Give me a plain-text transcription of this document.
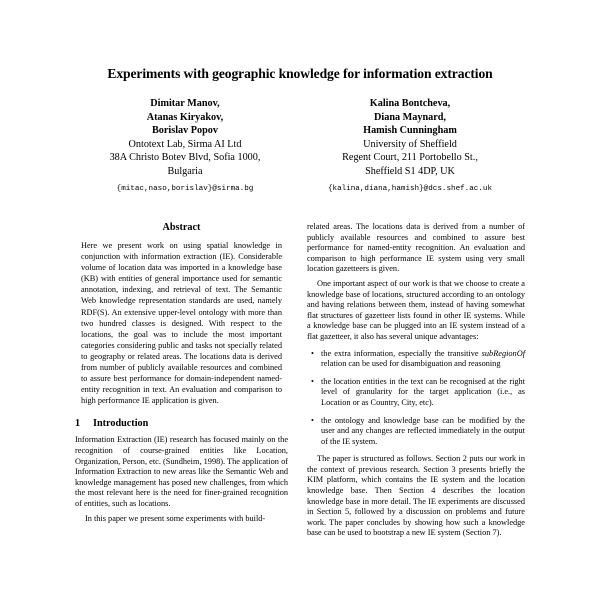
Experiments with geographic knowledge for information extraction
Dimitar Manov,
Atanas Kiryakov,
Borislav Popov
Ontotext Lab, Sirma AI Ltd
38A Christo Botev Blvd, Sofia 1000,
Bulgaria
{mitac,naso,borislav}@sirma.bg
Kalina Bontcheva,
Diana Maynard,
Hamish Cunningham
University of Sheffield
Regent Court, 211 Portobello St.,
Sheffield S1 4DP, UK
{kalina,diana,hamish}@dcs.shef.ac.uk
Abstract
Here we present work on using spatial knowledge in conjunction with information extraction (IE). Considerable volume of location data was imported in a knowledge base (KB) with entities of general importance used for semantic annotation, indexing, and retrieval of text. The Semantic Web knowledge representation standards are used, namely RDF(S). An extensive upper-level ontology with more than two hundred classes is designed. With respect to the locations, the goal was to include the most important categories considering public and tasks not specially related to geography or related areas. The locations data is derived from number of publicly available resources and combined to assure best performance for domain-independent named-entity recognition in text. An evaluation and comparison to high performance IE application is given.
1 Introduction

Information Extraction (IE) research has focused mainly on the recognition of course-grained entities like Location, Organization, Person, etc. (Sundheim, 1998). The application of Information Extraction to new areas like the Semantic Web and knowledge management has posed new challenges, from which the most relevant here is the need for finer-grained recognition of entities, such as locations.

In this paper we present some experiments with build-

related areas. The locations data is derived from a number of publicly available resources and combined to assure best performance for named-entity recognition. An evaluation and comparison to high performance IE system using very small location gazetteers is given.

One important aspect of our work is that we choose to create a knowledge base of locations, structured according to an ontology and having relations between them, instead of having somewhat flat structures of gazetteer lists found in other IE systems. While a knowledge base can be plugged into an IE system instead of a flat gazetteer, it also has several unique advantages:

• the extra information, especially the transitive subRegionOf relation can be used for disambiguation and reasoning
• the location entities in the text can be recognised at the right level of granularity for the target application (i.e., as Location or as Country, City, etc).
• the ontology and knowledge base can be modified by the user and any changes are reflected immediately in the output of the IE system.

The paper is structured as follows. Section 2 puts our work in the context of previous research. Section 3 presents briefly the KIM platform, which contains the IE system and the location knowledge base. Then Section 4 describes the location knowledge base in more detail. The IE experiments are discussed in Section 5, followed by a discussion on problems and future work. The paper concludes by showing how such a knowledge base can be used to bootstrap a new IE system (Section 7).
